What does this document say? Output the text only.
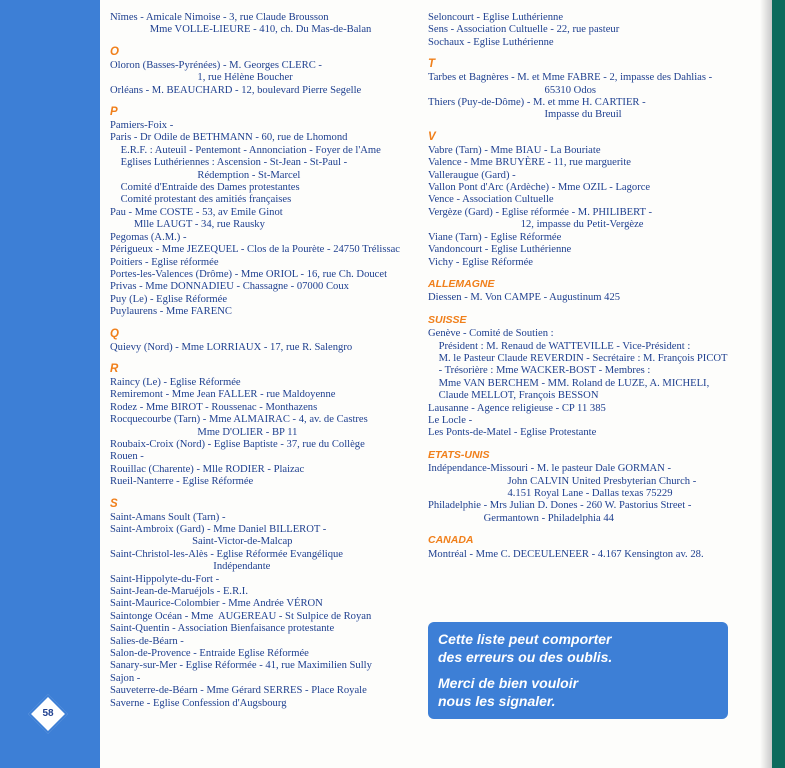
58
Nîmes - Amicale Nimoise - 3, rue Claude Brousson
Mme VOLLE-LIEURE - 410, ch. Du Mas-de-Balan
O
Oloron (Basses-Pyrénées) - M. Georges CLERC -
1, rue Hélène Boucher
Orléans - M. BEAUCHARD - 12, boulevard Pierre Segelle
P
Pamiers-Foix -
Paris - Dr Odile de BETHMANN - 60, rue de Lhomond
E.R.F. : Auteuil - Pentemont - Annonciation - Foyer de l'Ame
Eglises Luthériennes : Ascension - St-Jean - St-Paul -
Rédemption - St-Marcel
Comité d'Entraide des Dames protestantes
Comité protestant des amitiés françaises
Pau - Mme COSTE - 53, av Emile Ginot
Mlle LAUGT - 34, rue Rausky
Pegomas (A.M.) -
Périgueux - Mme JEZEQUEL - Clos de la Pourète - 24750 Trélissac
Poitiers - Eglise réformée
Portes-les-Valences (Drôme) - Mme ORIOL - 16, rue Ch. Doucet
Privas - Mme DONNADIEU - Chassagne - 07000 Coux
Puy (Le) - Eglise Réformée
Puylaurens - Mme FARENC
Q
Quievy (Nord) - Mme LORRIAUX - 17, rue R. Salengro
R
Raincy (Le) - Eglise Réformée
Remiremont - Mme Jean FALLER - rue Maldoyenne
Rodez - Mme BIROT - Roussenac - Monthazens
Rocquecourbe (Tarn) - Mme ALMAIRAC - 4, av. de Castres
Mme D'OLIER - BP 11
Roubaix-Croix (Nord) - Eglise Baptiste - 37, rue du Collège
Rouen -
Rouillac (Charente) - Mlle RODIER - Plaizac
Rueil-Nanterre - Eglise Réformée
S
Saint-Amans Soult (Tarn) -
Saint-Ambroix (Gard) - Mme Daniel BILLEROT -
Saint-Victor-de-Malcap
Saint-Christol-les-Alès - Eglise Réformée Evangélique
Indépendante
Saint-Hippolyte-du-Fort -
Saint-Jean-de-Maruéjols - E.R.I.
Saint-Maurice-Colombier - Mme Andrée VÉRON
Saintonge Océan - Mme  AUGEREAU - St Sulpice de Royan
Saint-Quentin - Association Bienfaisance protestante
Salies-de-Béarn -
Salon-de-Provence - Entraide Eglise Réformée
Sanary-sur-Mer - Eglise Réformée - 41, rue Maximilien Sully
Sajon -
Sauveterre-de-Béarn - Mme Gérard SERRES - Place Royale
Saverne - Eglise Confession d'Augsbourg
Seloncourt - Eglise Luthérienne
Sens - Association Cultuelle - 22, rue pasteur
Sochaux - Eglise Luthérienne
T
Tarbes et Bagnères - M. et Mme FABRE - 2, impasse des Dahlias -
65310 Odos
Thiers (Puy-de-Dôme) - M. et mme H. CARTIER -
Impasse du Breuil
V
Vabre (Tarn) - Mme BIAU - La Bouriate
Valence - Mme BRUYÈRE - 11, rue marguerite
Valleraugue (Gard) -
Vallon Pont d'Arc (Ardèche) - Mme OZIL - Lagorce
Vence - Association Cultuelle
Vergèze (Gard) - Eglise réformée - M. PHILIBERT -
12, impasse du Petit-Vergèze
Viane (Tarn) - Eglise Réformée
Vandoncourt - Eglise Luthérienne
Vichy - Eglise Réformée
ALLEMAGNE
Diessen - M. Von CAMPE - Augustinum 425
SUISSE
Genève - Comité de Soutien :
Président : M. Renaud de WATTEVILLE - Vice-Président :
M. le Pasteur Claude REVERDIN - Secrétaire : M. François PICOT
- Trésorière : Mme WACKER-BOST - Membres :
Mme VAN BERCHEM - MM. Roland de LUZE, A. MICHELI,
Claude MELLOT, François BESSON
Lausanne - Agence religieuse - CP 11 385
Le Locle -
Les Ponts-de-Matel - Eglise Protestante
ETATS-UNIS
Indépendance-Missouri - M. le pasteur Dale GORMAN -
John CALVIN United Presbyterian Church -
4.151 Royal Lane - Dallas texas 75229
Philadelphie - Mrs Julian D. Dones - 260 W. Pastorius Street -
Germantown - Philadelphia 44
CANADA
Montréal - Mme C. DECEULENEER - 4.167 Kensington av. 28.

Cette liste peut comporter

des erreurs ou des oublis.

Merci de bien vouloir

nous les signaler.
